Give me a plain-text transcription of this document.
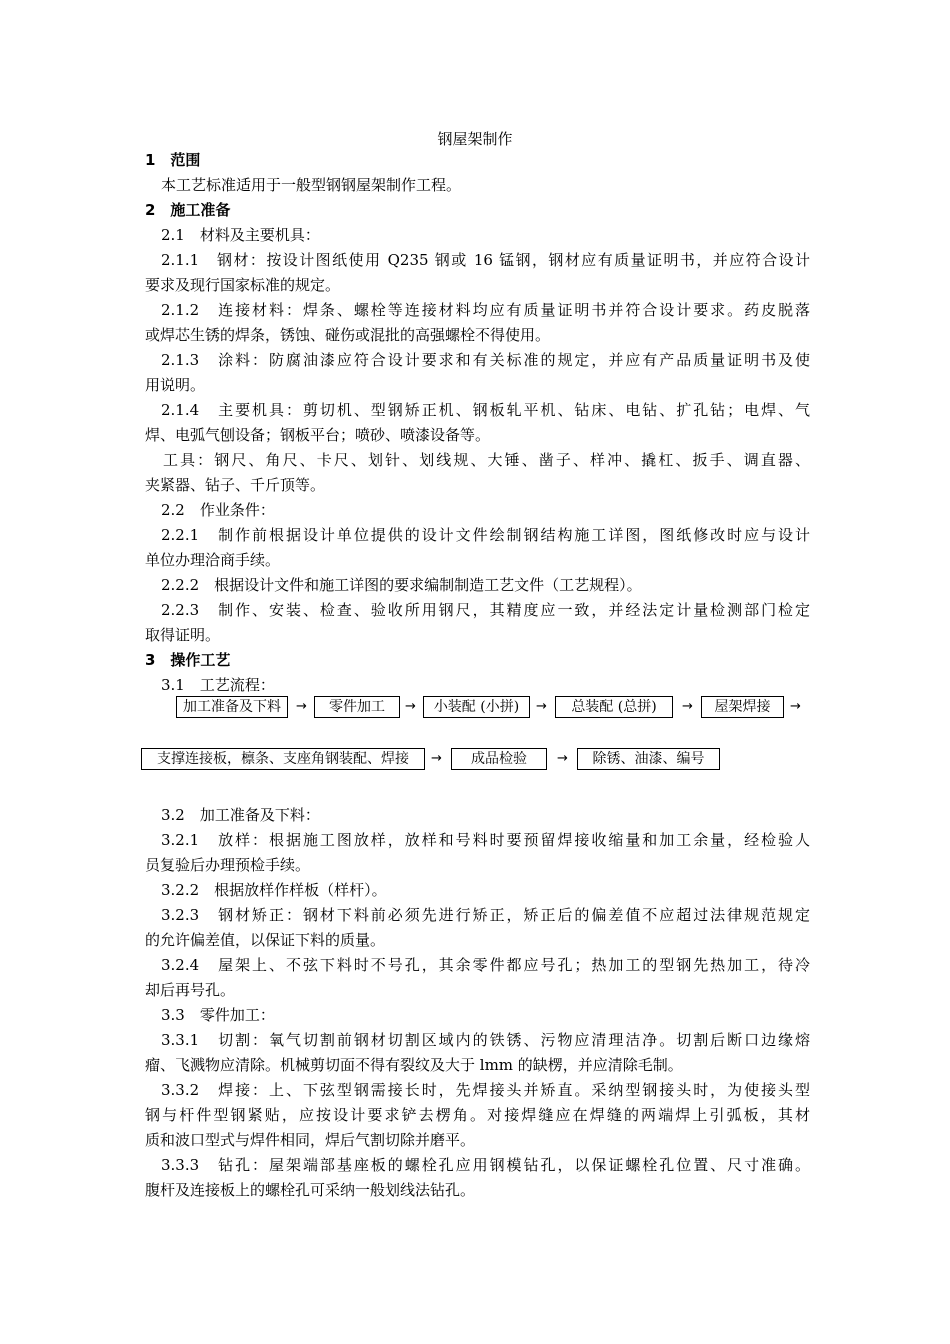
钢屋架制作
1　范围
本工艺标准适用于一般型钢钢屋架制作工程。
2　施工准备
2.1　材料及主要机具：
2.1.1　钢材：按设计图纸使用 Q235 钢或 16 锰钢，钢材应有质量证明书，并应符合设计
要求及现行国家标准的规定。
2.1.2　连接材料：焊条、螺栓等连接材料均应有质量证明书并符合设计要求。药皮脱落
或焊芯生锈的焊条，锈蚀、碰伤或混批的高强螺栓不得使用。
2.1.3　涂料：防腐油漆应符合设计要求和有关标准的规定，并应有产品质量证明书及使
用说明。
2.1.4　主要机具：剪切机、型钢矫正机、钢板轧平机、钻床、电钻、扩孔钻；电焊、气
焊、电弧气刨设备；钢板平台；喷砂、喷漆设备等。
工具：钢尺、角尺、卡尺、划针、划线规、大锤、凿子、样冲、撬杠、扳手、调直器、
夹紧器、钻子、千斤顶等。
2.2　作业条件：
2.2.1　制作前根据设计单位提供的设计文件绘制钢结构施工详图，图纸修改时应与设计
单位办理洽商手续。
2.2.2　根据设计文件和施工详图的要求编制制造工艺文件（工艺规程）。
2.2.3　制作、安装、检查、验收所用钢尺，其精度应一致，并经法定计量检测部门检定
取得证明。
3　操作工艺
3.1　工艺流程：
加工准备及下料	→	零件加工	→	小装配 (小拼)	→	总装配 (总拼)	→	屋架焊接	→
支撑连接板，檩条、支座角钢装配、焊接	→	成品检验	→	除锈、油漆、编号
3.2　加工准备及下料：
3.2.1　放样：根据施工图放样，放样和号料时要预留焊接收缩量和加工余量，经检验人
员复验后办理预检手续。
3.2.2　根据放样作样板（样杆）。
3.2.3　钢材矫正：钢材下料前必须先进行矫正，矫正后的偏差值不应超过法律规范规定
的允许偏差值，以保证下料的质量。
3.2.4　屋架上、不弦下料时不号孔，其余零件都应号孔；热加工的型钢先热加工，待冷
却后再号孔。
3.3　零件加工：
3.3.1　切割：氧气切割前钢材切割区域内的铁锈、污物应清理洁净。切割后断口边缘熔
瘤、飞溅物应清除。机械剪切面不得有裂纹及大于 lmm 的缺楞，并应清除毛制。
3.3.2　焊接：上、下弦型钢需接长时，先焊接头并矫直。采纳型钢接头时，为使接头型
钢与杆件型钢紧贴，应按设计要求铲去楞角。对接焊缝应在焊缝的两端焊上引弧板，其材
质和波口型式与焊件相同，焊后气割切除并磨平。
3.3.3　钻孔：屋架端部基座板的螺栓孔应用钢模钻孔，以保证螺栓孔位置、尺寸准确。
腹杆及连接板上的螺栓孔可采纳一般划线法钻孔。
